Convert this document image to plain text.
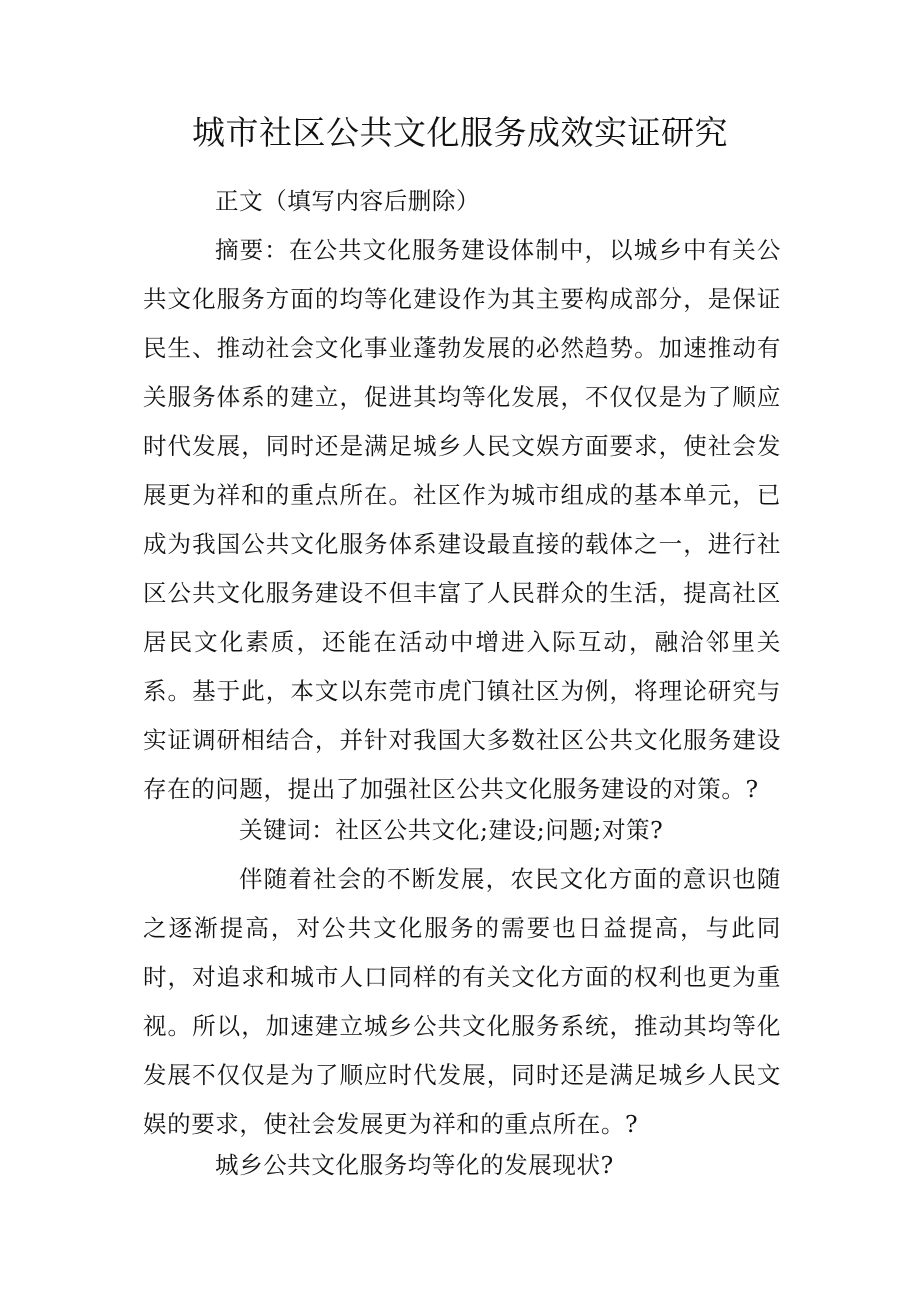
城市社区公共文化服务成效实证研究

正文（填写内容后删除）

摘要：在公共文化服务建设体制中，以城乡中有关公共文化服务方面的均等化建设作为其主要构成部分，是保证民生、推动社会文化事业蓬勃发展的必然趋势。加速推动有关服务体系的建立，促进其均等化发展，不仅仅是为了顺应时代发展，同时还是满足城乡人民文娱方面要求，使社会发展更为祥和的重点所在。社区作为城市组成的基本单元，已成为我国公共文化服务体系建设最直接的载体之一，进行社区公共文化服务建设不但丰富了人民群众的生活，提高社区居民文化素质，还能在活动中增进入际互动，融洽邻里关系。基于此，本文以东莞市虎门镇社区为例，将理论研究与实证调研相结合，并针对我国大多数社区公共文化服务建设存在的问题，提出了加强社区公共文化服务建设的对策。?

关键词：社区公共文化;建设;问题;对策?

伴随着社会的不断发展，农民文化方面的意识也随之逐渐提高，对公共文化服务的需要也日益提高，与此同时，对追求和城市人口同样的有关文化方面的权利也更为重视。所以，加速建立城乡公共文化服务系统，推动其均等化发展不仅仅是为了顺应时代发展，同时还是满足城乡人民文娱的要求，使社会发展更为祥和的重点所在。?

城乡公共文化服务均等化的发展现状?
